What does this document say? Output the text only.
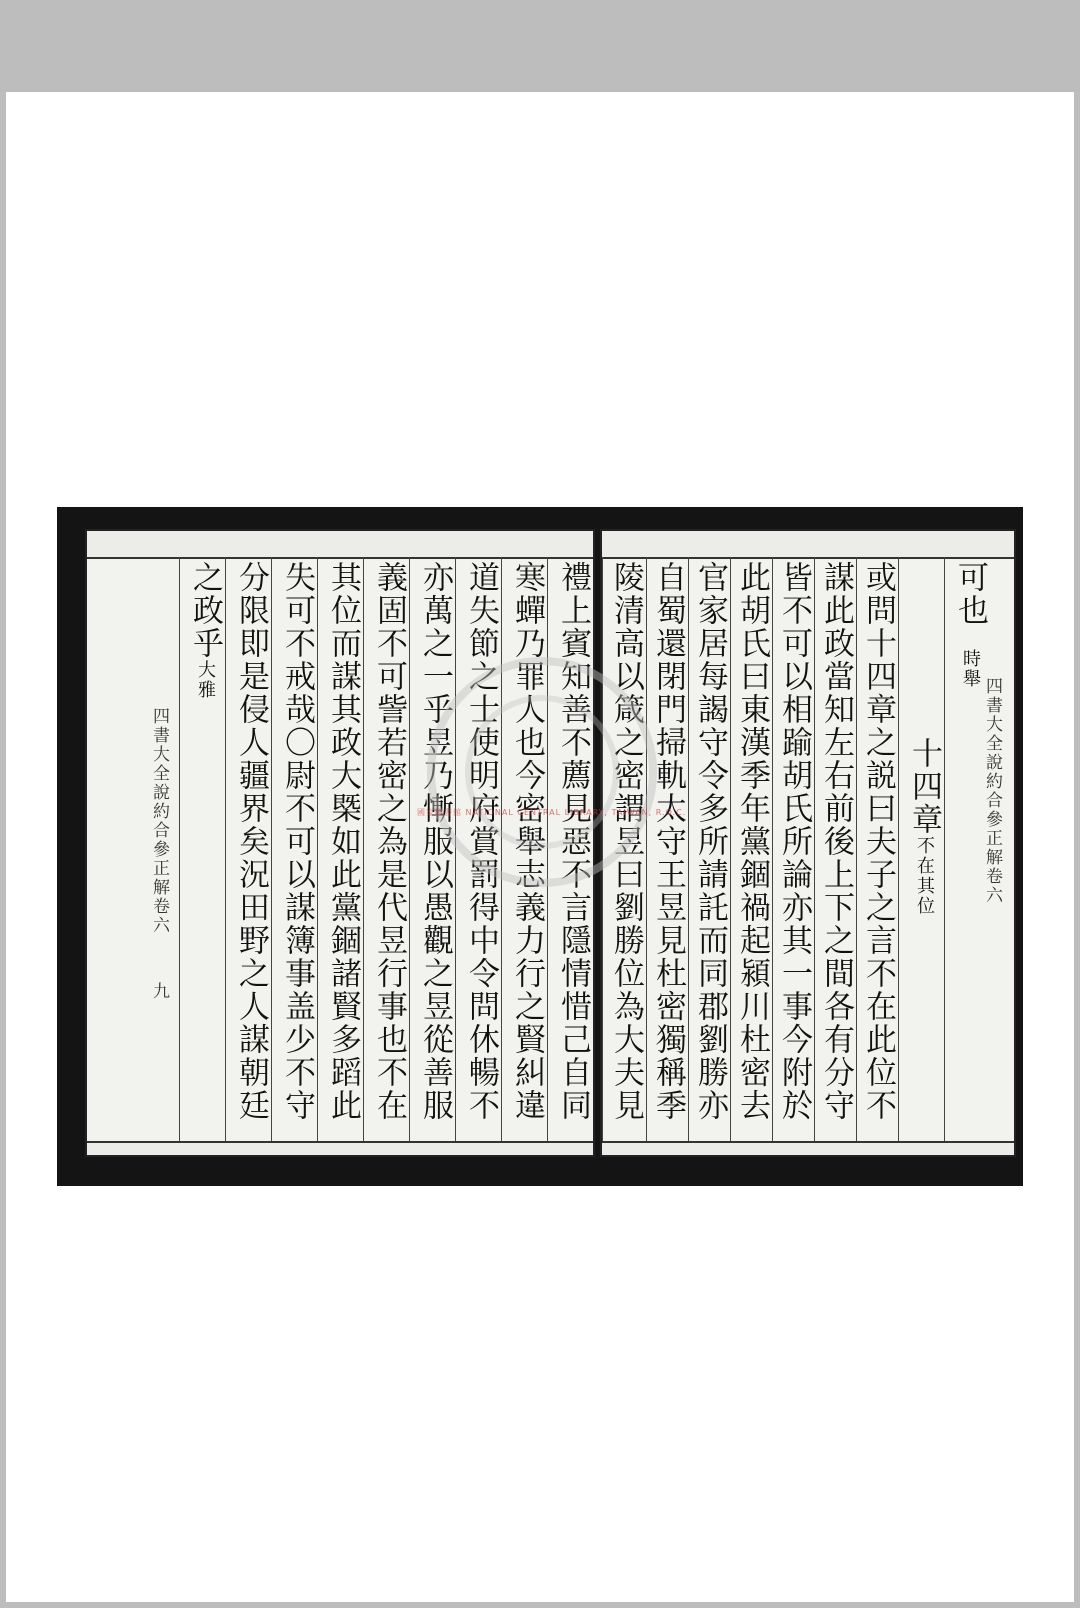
禮上賓知善不薦見惡不言隱情惜己自同
寒蟬乃罪人也今密舉志義力行之賢糾違
道失節之士使明府賞罰得中令問休暢不
亦萬之一乎昱乃慚服以愚觀之昱從善服
義固不可訾若密之為是代昱行事也不在
其位而謀其政大槩如此黨錮諸賢多蹈此
失可不戒哉〇尉不可以謀簿事盖少不守
分限即是侵人疆界矣況田野之人謀朝廷
之政乎大雅
四書大全說約合參正解卷六 九
四書大全說約合參正解卷六
可也 時舉
十四章不在其位
或問十四章之説曰夫子之言不在此位不
謀此政當知左右前後上下之間各有分守
皆不可以相踰胡氏所論亦其一事今附於
此胡氏曰東漢季年黨錮禍起潁川杜密去
官家居每謁守令多所請託而同郡劉勝亦
自蜀還閉門掃軌太守王昱見杜密獨稱季
陵清高以箴之密謂昱曰劉勝位為大夫見
國家圖書館 NATIONAL CENTRAL LIBRARY, TAIWAN, R.O.C.
